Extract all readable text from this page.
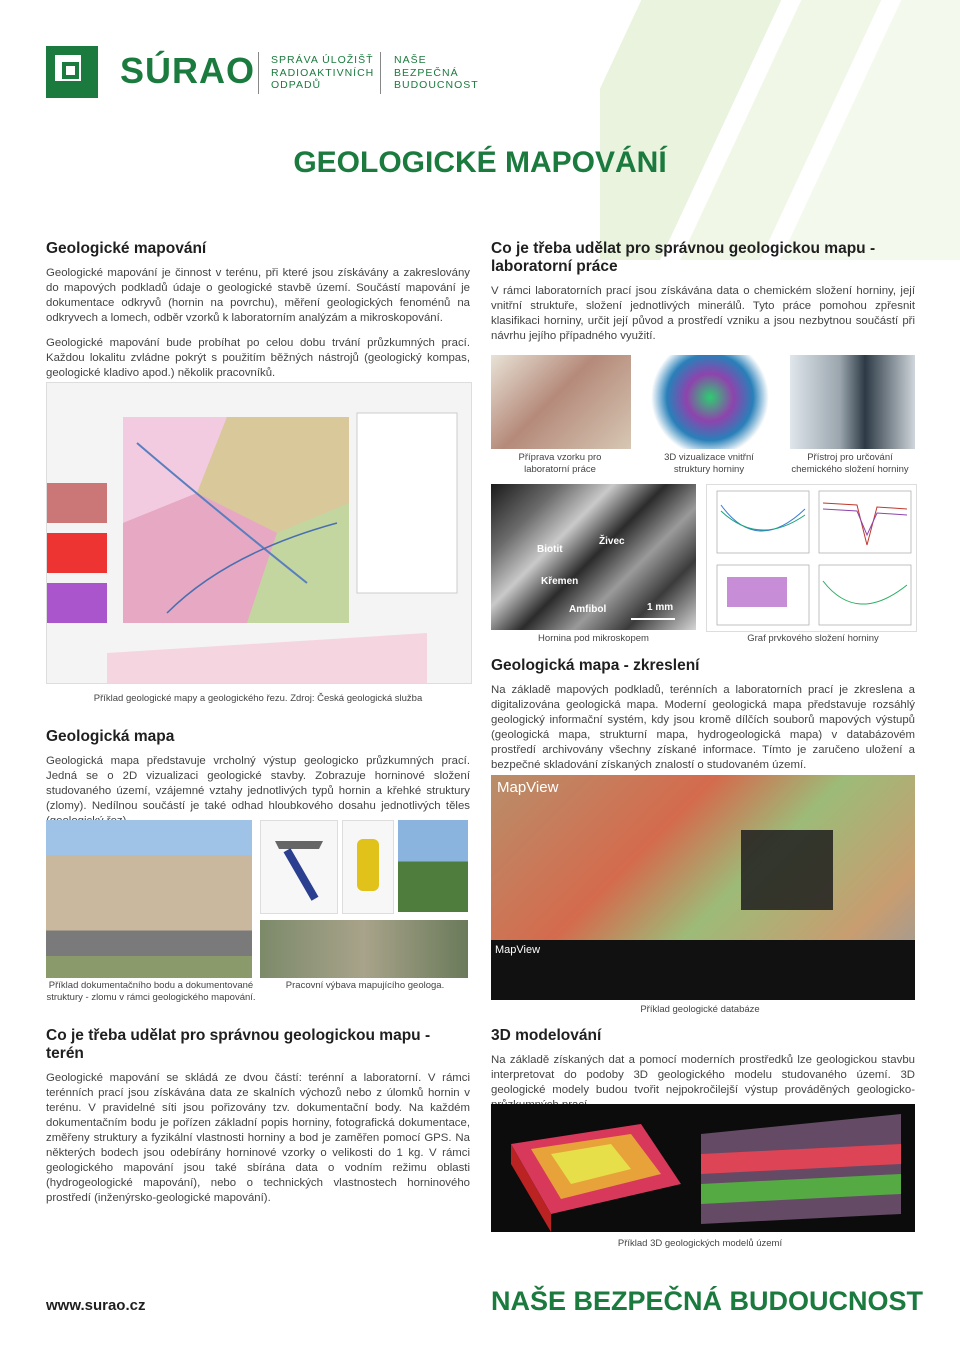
SÚRAO SPRÁVA ÚLOŽIŠŤ
RADIOAKTIVNÍCH
ODPADŮ
NAŠE
BEZPEČNÁ
BUDOUCNOST
GEOLOGICKÉ MAPOVÁNÍ
Geologické mapování

Geologické mapování je činnost v terénu, při které jsou získávány a zakreslovány do mapových podkladů údaje o geologické stavbě území. Součástí mapování je dokumentace odkryvů (hornin na povrchu), měření geologických fenoménů na odkryvech a lomech, odběr vzorků k laboratorním analýzám a mikroskopování.

Geologické mapování bude probíhat po celou dobu trvání průzkumných prací. Každou lokalitu zvládne pokrýt s použitím běžných nástrojů (geologický kompas, geologické kladivo apod.) několik pracovníků.

Příklad geologické mapy a geologického řezu. Zdroj: Česká geologická služba
Geologická mapa

Geologická mapa představuje vrcholný výstup geologicko průzkumných prací. Jedná se o 2D vizualizaci geologické stavby. Zobrazuje horninové složení studovaného území, vzájemné vztahy jednotlivých typů hornin a křehké struktury (zlomy). Nedílnou součástí je také odhad hloubkového dosahu jednotlivých těles

Příklad dokumentačního bodu a dokumentované struktury - zlomu v rámci geologického mapování.
Pracovní výbava mapujícího geologa.
Co je třeba udělat pro správnou geologickou mapu - terén

Geologické mapování se skládá ze dvou částí: terénní a laboratorní. V rámci terénních prací jsou získávána data ze skalních výchozů nebo z úlomků hornin v terénu. V pravidelné síti jsou pořizovány tzv. dokumentační body. Na každém dokumentačním bodu je pořízen základní popis horniny, fotografická dokumentace, změřeny struktury a fyzikální vlastnosti horniny a bod je zaměřen pomocí GPS. Na některých bodech jsou odebírány horninové vzorky o velikosti do 1 kg. V rámci geologického mapování jsou také sbírána data o vodním režimu oblasti (hydrogeologické mapování), nebo o technických vlastnostech horninového prostředí (inženýrsko-geologické mapování).

www.surao.cz
Co je třeba udělat pro správnou geologickou mapu - laboratorní práce

V rámci laboratorních prací jsou získávána data o chemickém složení horniny, její vnitřní struktuře, složení jednotlivých minerálů. Tyto práce pomohou zpřesnit klasifikaci horniny, určit její původ a prostředí vzniku a jsou nezbytnou součástí při návrhu jejího případného využití.

Příprava vzorku pro laboratorní práce
3D vizualizace vnitřní struktury horniny
Přístroj pro určování chemického složení horniny
Biotit
Živec
Křemen
Amfibol	1 mm
Hornina pod mikroskopem	Graf prvkového složení horniny
Geologická mapa - zkreslení

Na základě mapových podkladů, terénních a laboratorních prací je zkreslena a digitalizována geologická mapa. Moderní geologická mapa představuje rozsáhlý geologický informační systém, kdy jsou kromě dílčích souborů mapových výstupů (geologická mapa, strukturní mapa, hydrogeologická mapa) v databázovém prostředí archivovány všechny získané informace. Tímto je zaručeno uložení a bezpečné skladování získaných znalostí o studovaném území.

MapView
MapView
Příklad geologické databáze
3D modelování

Na základě získaných dat a pomocí moderních prostředků lze geologickou stavbu interpretovat do podoby 3D geologického modelu studovaného území. 3D geologické modely budou tvořit nejpokročilejší výstup prováděných geologicko-

Příklad 3D geologických modelů území
NAŠE BEZPEČNÁ BUDOUCNOST
